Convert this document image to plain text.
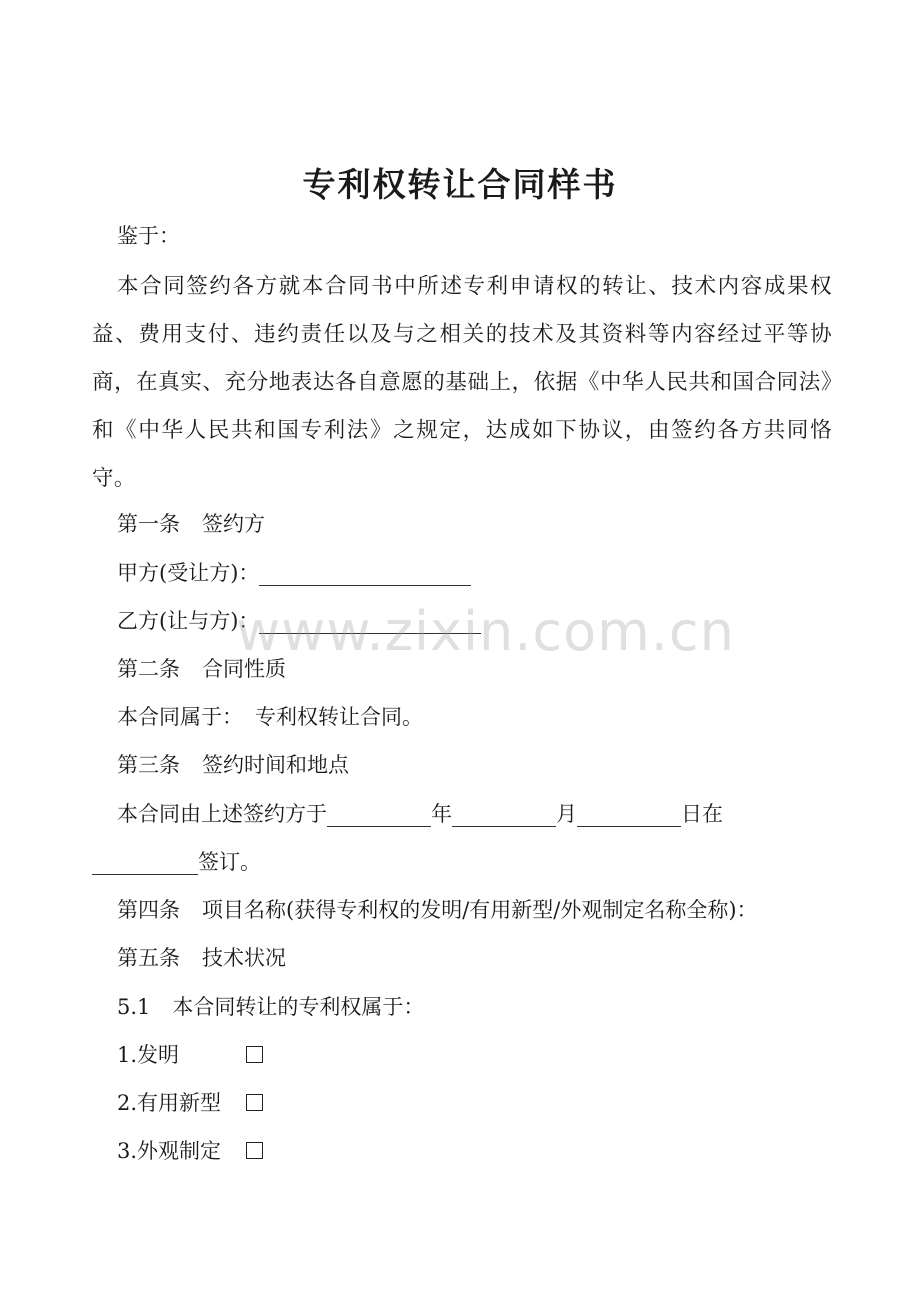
专利权转让合同样书
鉴于：
本合同签约各方就本合同书中所述专利申请权的转让、技术内容成果权益、费用支付、违约责任以及与之相关的技术及其资料等内容经过平等协商，在真实、充分地表达各自意愿的基础上，依据《中华人民共和国合同法》和《中华人民共和国专利法》之规定，达成如下协议，由签约各方共同恪守。
第一条 签约方
甲方(受让方)：
乙方(让与方)：
第二条 合同性质
本合同属于： 专利权转让合同。
第三条 签约时间和地点
本合同由上述签约方于	年	月	日在
签订。
第四条 项目名称(获得专利权的发明/有用新型/外观制定名称全称)：
第五条 技术状况
5.1 本合同转让的专利权属于：
1.发明
2.有用新型
3.外观制定
www.zixin.com.cn
